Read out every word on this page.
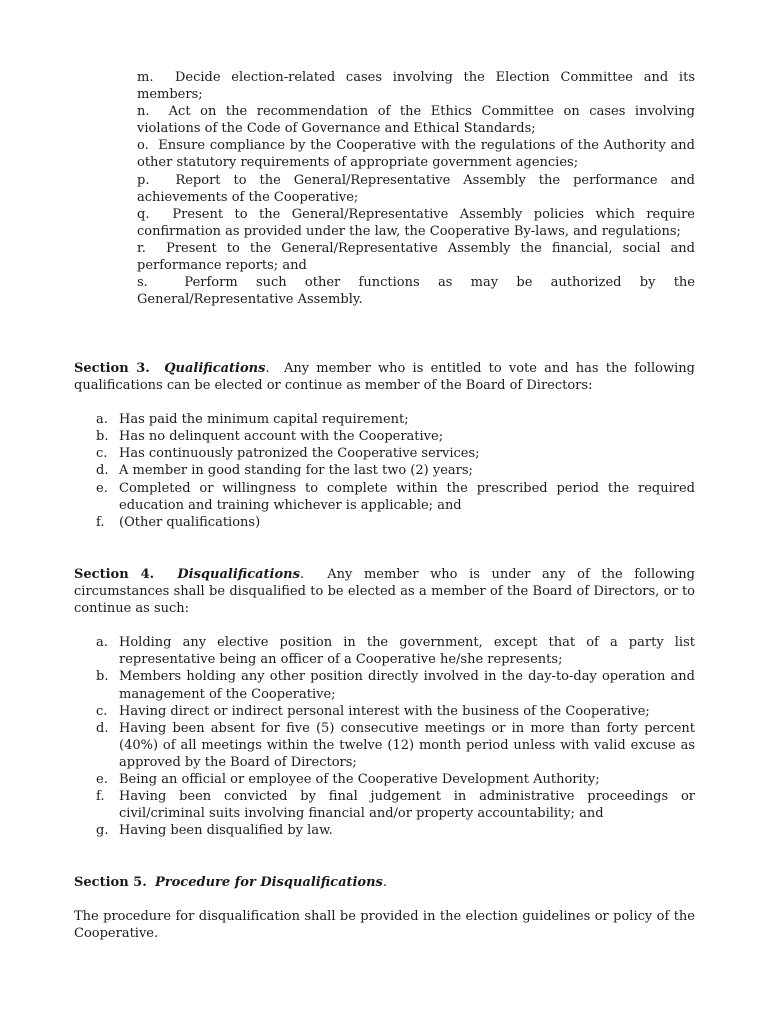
m. Decide election-related cases involving the Election Committee and its members;

n. Act on the recommendation of the Ethics Committee on cases involving violations of the Code of Governance and Ethical Standards;

o. Ensure compliance by the Cooperative with the regulations of the Authority and other statutory requirements of appropriate government agencies;

p. Report to the General/Representative Assembly the performance and achievements of the Cooperative;

q. Present to the General/Representative Assembly policies which require confirmation as provided under the law, the Cooperative By-laws, and regulations;

r. Present to the General/Representative Assembly the financial, social and performance reports; and

s.	Perform such other functions as may be authorized by the General/Representative Assembly.

Section 3. Qualifications.  Any member who is entitled to vote and has the following qualifications can be elected or continue as member of the Board of Directors:

a. Has paid the minimum capital requirement;
b. Has no delinquent account with the Cooperative;
c. Has continuously patronized the Cooperative services;
d. A member in good standing for the last two (2) years;
e. Completed or willingness to complete within the prescribed period the required education and training whichever is applicable; and
f. (Other qualifications)

Section 4. Disqualifications.  Any member who is under any of the following circumstances shall be disqualified to be elected as a member of the Board of Directors, or to continue as such:

a. Holding any elective position in the government, except that of a party list representative being an officer of a Cooperative he/she represents;
b. Members holding any other position directly involved in the day-to-day operation and management of the Cooperative;
c. Having direct or indirect personal interest with the business of the Cooperative;
d. Having been absent for five (5) consecutive meetings or in more than forty percent (40%) of all meetings within the twelve (12) month period unless with valid excuse as approved by the Board of Directors;
e. Being an official or employee of the Cooperative Development Authority;
f. Having been convicted by final judgement in administrative proceedings or civil/criminal suits involving financial and/or property accountability; and
g. Having been disqualified by law.

Section 5. Procedure for Disqualifications.

The procedure for disqualification shall be provided in the election guidelines or policy of the Cooperative.
